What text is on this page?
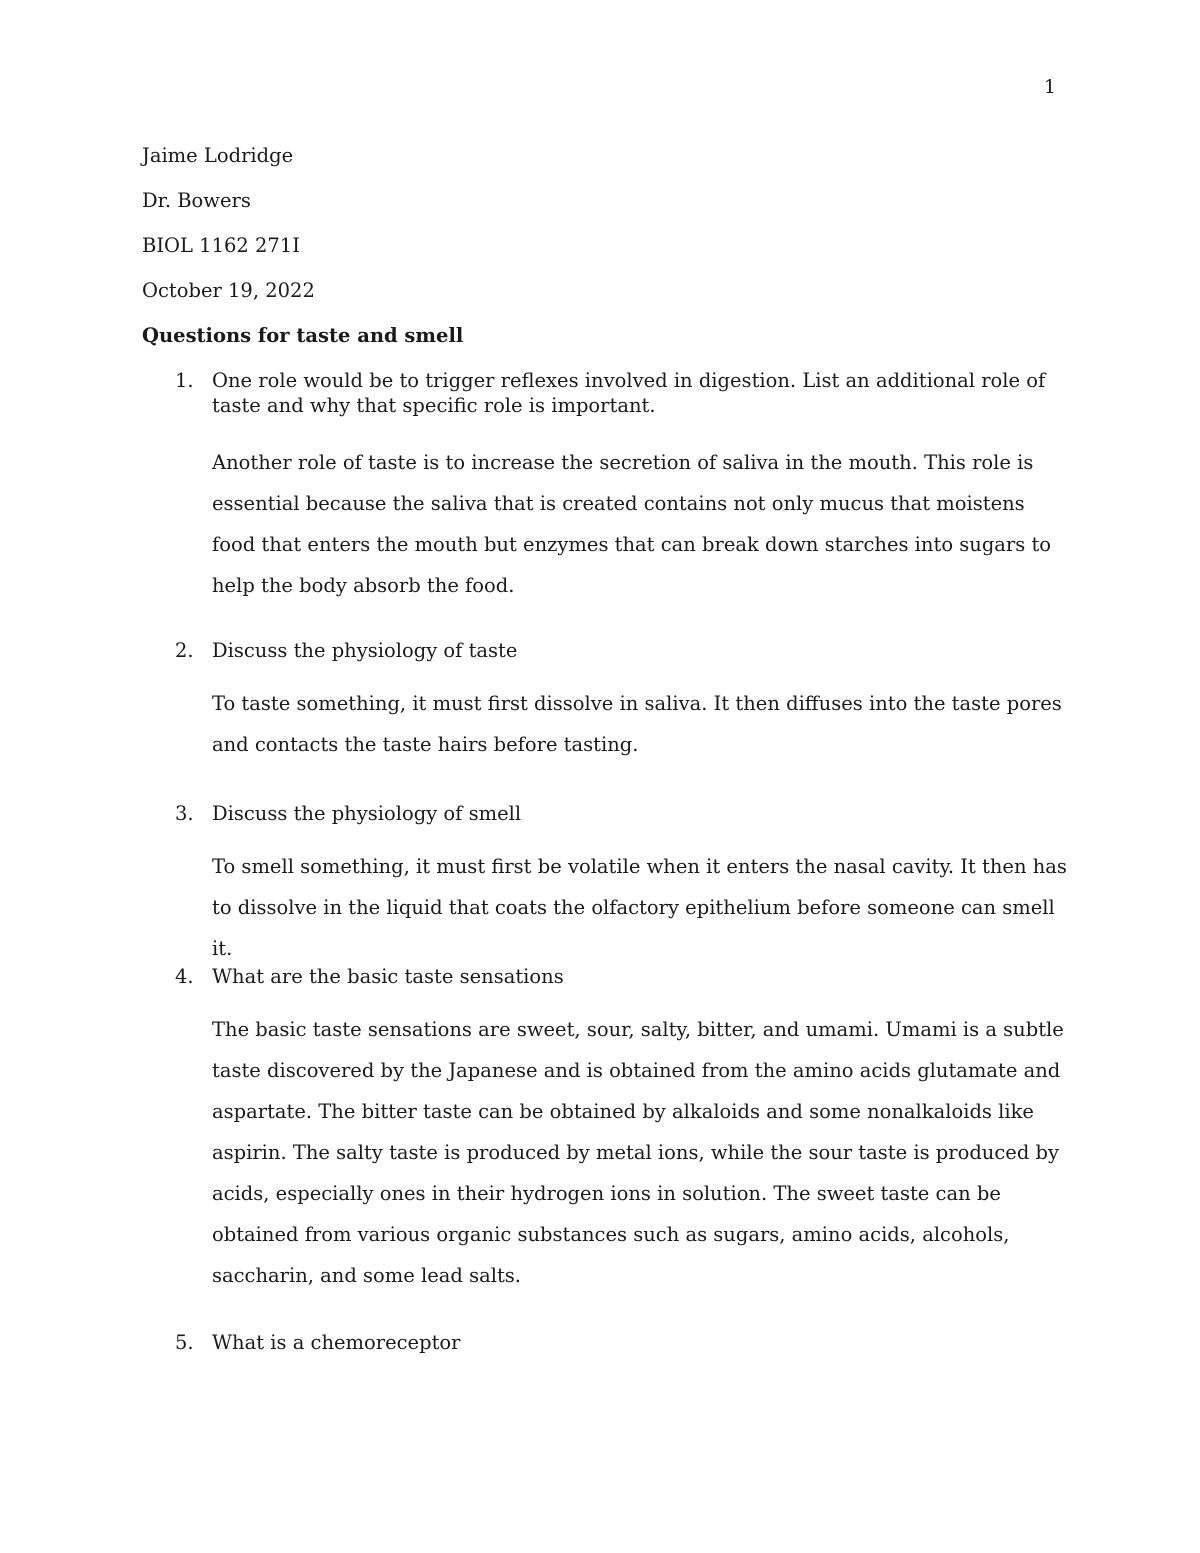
1
Jaime Lodridge
Dr. Bowers
BIOL 1162 271I
October 19, 2022
Questions for taste and smell
1. One role would be to trigger reflexes involved in digestion. List an additional role of taste and why that specific role is important.
Another role of taste is to increase the secretion of saliva in the mouth. This role is essential because the saliva that is created contains not only mucus that moistens food that enters the mouth but enzymes that can break down starches into sugars to help the body absorb the food.
2. Discuss the physiology of taste
To taste something, it must first dissolve in saliva. It then diffuses into the taste pores and contacts the taste hairs before tasting.
3. Discuss the physiology of smell
To smell something, it must first be volatile when it enters the nasal cavity. It then has to dissolve in the liquid that coats the olfactory epithelium before someone can smell it.
4. What are the basic taste sensations
The basic taste sensations are sweet, sour, salty, bitter, and umami. Umami is a subtle taste discovered by the Japanese and is obtained from the amino acids glutamate and aspartate. The bitter taste can be obtained by alkaloids and some nonalkaloids like aspirin. The salty taste is produced by metal ions, while the sour taste is produced by acids, especially ones in their hydrogen ions in solution. The sweet taste can be obtained from various organic substances such as sugars, amino acids, alcohols, saccharin, and some lead salts.
5. What is a chemoreceptor
